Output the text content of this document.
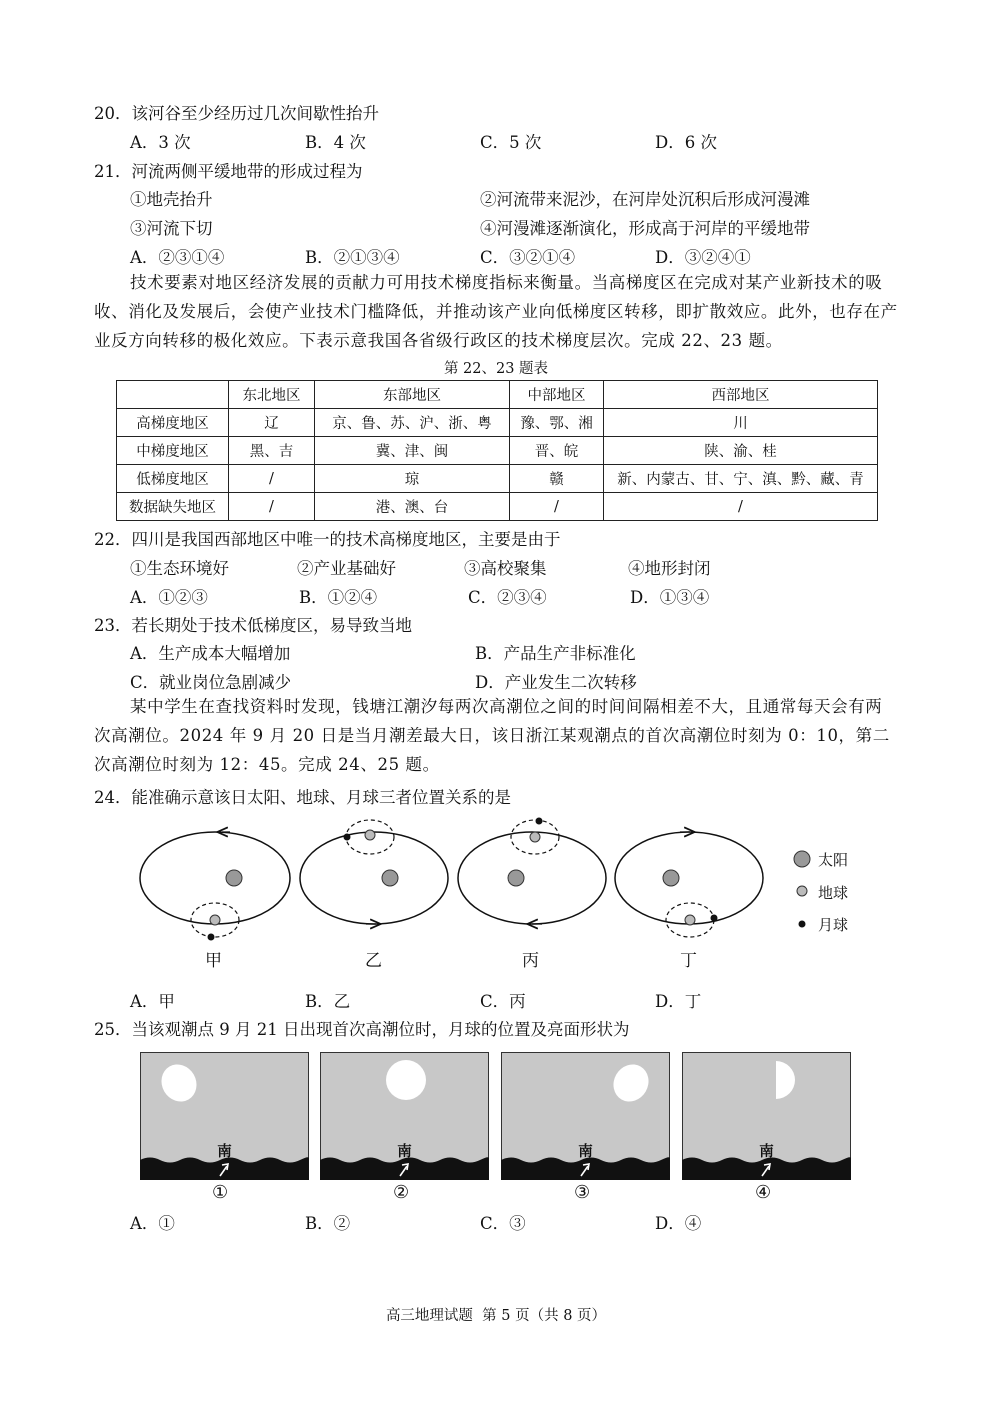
20．该河谷至少经历过几次间歇性抬升
A．3 次	B．4 次	C．5 次	D．6 次
21．河流两侧平缓地带的形成过程为
①地壳抬升	②河流带来泥沙，在河岸处沉积后形成河漫滩
③河流下切	④河漫滩逐渐演化，形成高于河岸的平缓地带
A．②③①④	B．②①③④	C．③②①④	D．③②④①
技术要素对地区经济发展的贡献力可用技术梯度指标来衡量。当高梯度区在完成对某产业新技术的吸收、消化及发展后，会使产业技术门槛降低，并推动该产业向低梯度区转移，即扩散效应。此外，也存在产业反方向转移的极化效应。下表示意我国各省级行政区的技术梯度层次。完成 22、23 题。
第 22、23 题表
	东北地区	东部地区	中部地区	西部地区
高梯度地区	辽	京、鲁、苏、沪、浙、粤	豫、鄂、湘	川
中梯度地区	黑、吉	冀、津、闽	晋、皖	陕、渝、桂
低梯度地区	/	琼	赣	新、内蒙古、甘、宁、滇、黔、藏、青
数据缺失地区	/	港、澳、台	/	/
22．四川是我国西部地区中唯一的技术高梯度地区，主要是由于
①生态环境好	②产业基础好	③高校聚集	④地形封闭
A．①②③	B．①②④	C．②③④	D．①③④
23．若长期处于技术低梯度区，易导致当地
A．生产成本大幅增加	B．产品生产非标准化
C．就业岗位急剧减少	D．产业发生二次转移
某中学生在查找资料时发现，钱塘江潮汐每两次高潮位之间的时间间隔相差不大，且通常每天会有两次高潮位。2024 年 9 月 20 日是当月潮差最大日，该日浙江某观潮点的首次高潮位时刻为 0：10，第二次高潮位时刻为 12：45。完成 24、25 题。
24．能准确示意该日太阳、地球、月球三者位置关系的是
太阳
地球
月球
甲	乙	丙	丁
A．甲	B．乙	C．丙	D．丁
25．当该观潮点 9 月 21 日出现首次高潮位时，月球的位置及亮面形状为
南	南	南	南
①	②	③	④
A．①	B．②	C．③	D．④
高三地理试题  第 5 页（共 8 页）
